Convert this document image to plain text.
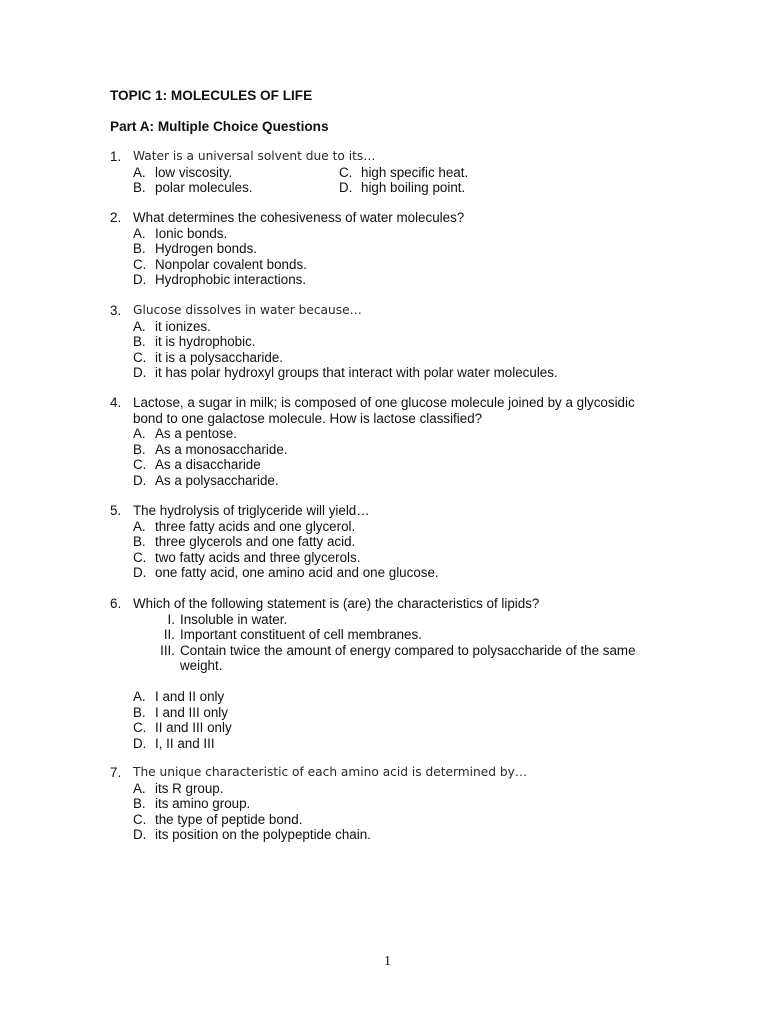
TOPIC 1: MOLECULES OF LIFE
Part A: Multiple Choice Questions
1. Water is a universal solvent due to its…
A. low viscosity.
B. polar molecules.
C. high specific heat.
D. high boiling point.
2. What determines the cohesiveness of water molecules?
A. Ionic bonds.
B. Hydrogen bonds.
C. Nonpolar covalent bonds.
D. Hydrophobic interactions.
3. Glucose dissolves in water because…
A. it ionizes.
B. it is hydrophobic.
C. it is a polysaccharide.
D. it has polar hydroxyl groups that interact with polar water molecules.
4. Lactose, a sugar in milk; is composed of one glucose molecule joined by a glycosidic
bond to one galactose molecule. How is lactose classified?
A. As a pentose.
B. As a monosaccharide.
C. As a disaccharide
D. As a polysaccharide.
5. The hydrolysis of triglyceride will yield…
A. three fatty acids and one glycerol.
B. three glycerols and one fatty acid.
C. two fatty acids and three glycerols.
D. one fatty acid, one amino acid and one glucose.
6. Which of the following statement is (are) the characteristics of lipids?
I. Insoluble in water.
II. Important constituent of cell membranes.
III. Contain twice the amount of energy compared to polysaccharide of the same
weight.
A. I and II only
B. I and III only
C. II and III only
D. I, II and III
7. The unique characteristic of each amino acid is determined by…
A. its R group.
B. its amino group.
C. the type of peptide bond.
D. its position on the polypeptide chain.
1
